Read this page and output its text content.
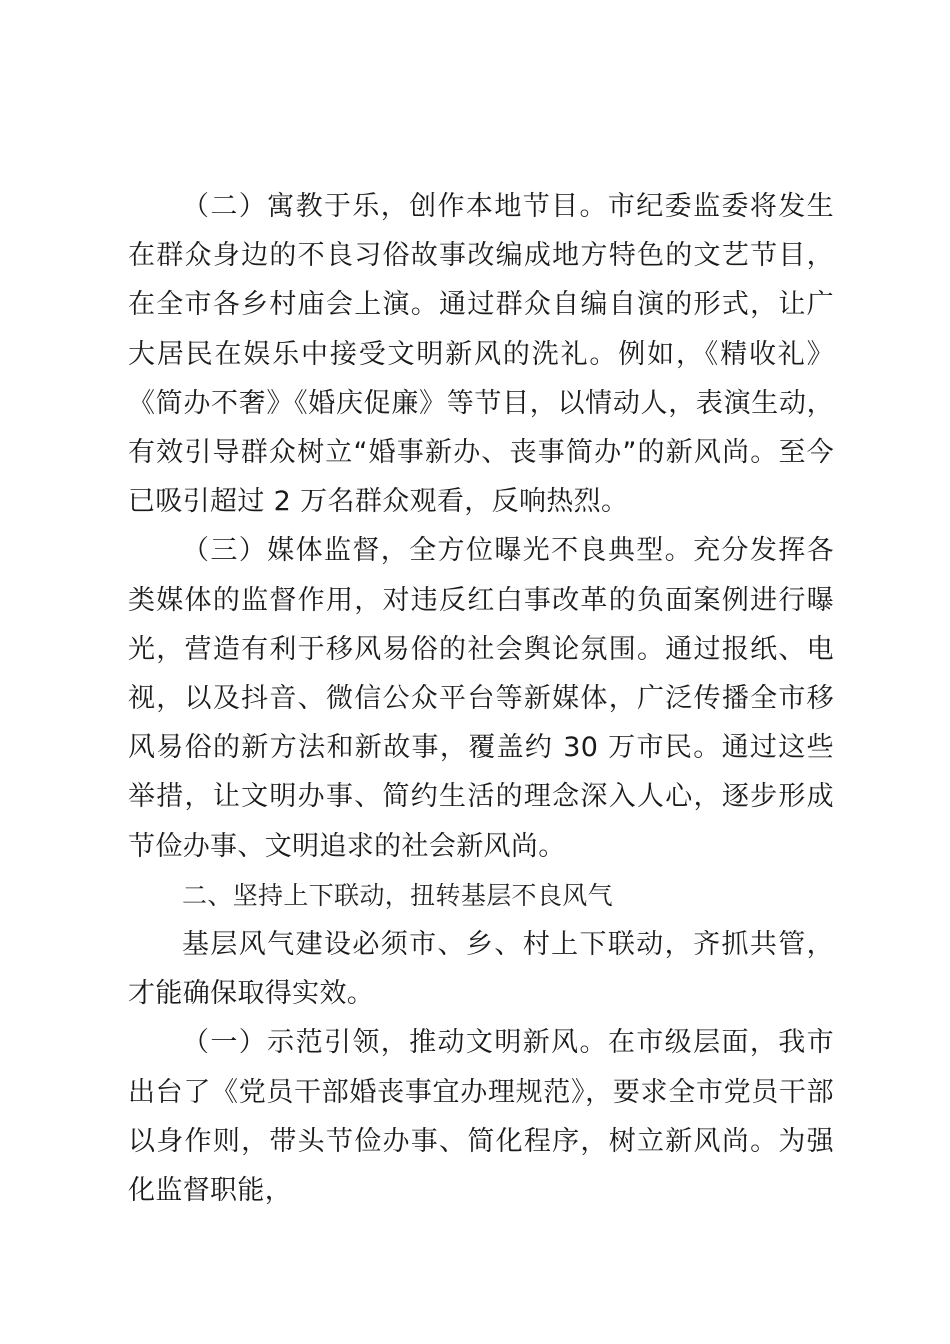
（二）寓教于乐，创作本地节目。市纪委监委将发生在群众身边的不良习俗故事改编成地方特色的文艺节目，在全市各乡村庙会上演。通过群众自编自演的形式，让广大居民在娱乐中接受文明新风的洗礼。例如，《精收礼》《简办不奢》《婚庆促廉》等节目，以情动人，表演生动，有效引导群众树立“婚事新办、丧事简办”的新风尚。至今已吸引超过 2 万名群众观看，反响热烈。

（三）媒体监督，全方位曝光不良典型。充分发挥各类媒体的监督作用，对违反红白事改革的负面案例进行曝光，营造有利于移风易俗的社会舆论氛围。通过报纸、电视，以及抖音、微信公众平台等新媒体，广泛传播全市移风易俗的新方法和新故事，覆盖约 30 万市民。通过这些举措，让文明办事、简约生活的理念深入人心，逐步形成节俭办事、文明追求的社会新风尚。

二、坚持上下联动，扭转基层不良风气

基层风气建设必须市、乡、村上下联动，齐抓共管，才能确保取得实效。

（一）示范引领，推动文明新风。在市级层面，我市出台了《党员干部婚丧事宜办理规范》，要求全市党员干部以身作则，带头节俭办事、简化程序，树立新风尚。为强化监督职能，
